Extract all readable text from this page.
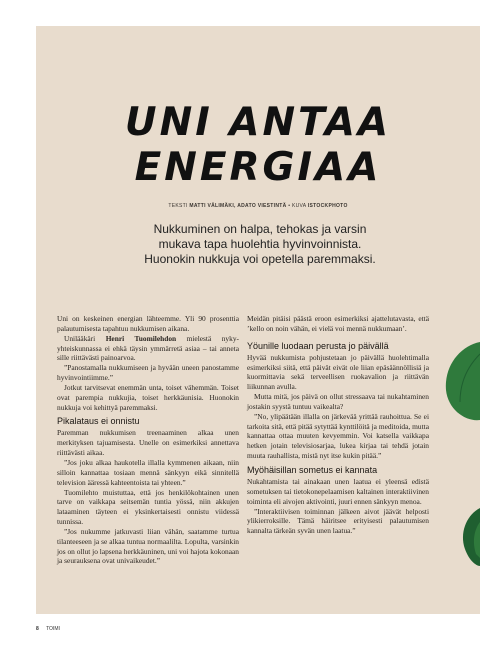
UNI ANTAA
ENERGIAA
TEKSTI MATTI VÄLIMÄKI, ADATO VIESTINTÄ • KUVA ISTOCKPHOTO
Nukkuminen on halpa, tehokas ja varsin
mukava tapa huolehtia hyvinvoinnista.
Huonokin nukkuja voi opetella paremmaksi.

Uni on keskeinen energian lähteemme. Yli 90 prosenttia palautumisesta tapahtuu nukkumisen aikana.

Unilääkäri Henri Tuomilehdon mielestä nyky-yhteiskunnassa ei ehkä täysin ymmärretä asiaa – tai anneta sille riittävästi painoarvoa.

”Panostamalla nukkumiseen ja hyvään uneen panostamme hyvinvointiimme.”

Jotkut tarvitsevat enemmän unta, toiset vähemmän. Toiset ovat parempia nukkujia, toiset herkkäunisia. Huonokin nukkuja voi kehittyä paremmaksi.

Pikalataus ei onnistu

Paremman nukkumisen treenaaminen alkaa unen merkityksen tajuamisesta. Unelle on esimerkiksi annettava riittävästi aikaa.

”Jos joku alkaa haukotella illalla kymmenen aikaan, niin silloin kannattaa tosiaan mennä sänkyyn eikä sinnitellä television ääressä kahteentoista tai yhteen.”

Tuomilehto muistuttaa, että jos henkilökohtainen unen tarve on vaikkapa seitsemän tuntia yössä, niin akkujen lataaminen täyteen ei yksinkertaisesti onnistu viidessä tunnissa.

”Jos nukumme jatkuvasti liian vähän, saatamme turtua tilanteeseen ja se alkaa tuntua normaalilta. Lopulta, varsinkin jos on ollut jo lapsena herkkäuninen, uni voi hajota kokonaan ja seurauksena ovat univaikeudet.”

Meidän pitäisi päästä eroon esimerkiksi ajattelutavasta, että ’kello on noin vähän, ei vielä voi mennä nukkumaan’.

Yöunille luodaan perusta jo päivällä

Hyvää nukkumista pohjustetaan jo päivällä huolehtimalla esimerkiksi siitä, että päivät eivät ole liian epäsäännöllisiä ja kuormittavia sekä terveellisen ruokavalion ja riittävän liikunnan avulla.

Mutta mitä, jos päivä on ollut stressaava tai nukahtaminen jostakin syystä tuntuu vaikealta?

”No, ylipäätään illalla on järkevää yrittää rauhoittua. Se ei tarkoita sitä, että pitää sytyttää kynttilöitä ja meditoida, mutta kannattaa ottaa muuten kevyemmin. Voi katsella vaikkapa hetken jotain televisiosarjaa, lukea kirjaa tai tehdä jotain muuta rauhallista, mistä nyt itse kukin pitää.”

Myöhäisillan sometus ei kannata

Nukahtamista tai ainakaan unen laatua ei yleensä edistä sometuksen tai tietokonepelaamisen kaltainen interaktiivinen toiminta eli aivojen aktivointi, juuri ennen sänkyyn menoa.

”Interaktiivisen toiminnan jälkeen aivot jäävät helposti ylikierroksille. Tämä häiritsee erityisesti palautumisen kannalta tärkeän syvän unen laatua.”

8 TOIMI
